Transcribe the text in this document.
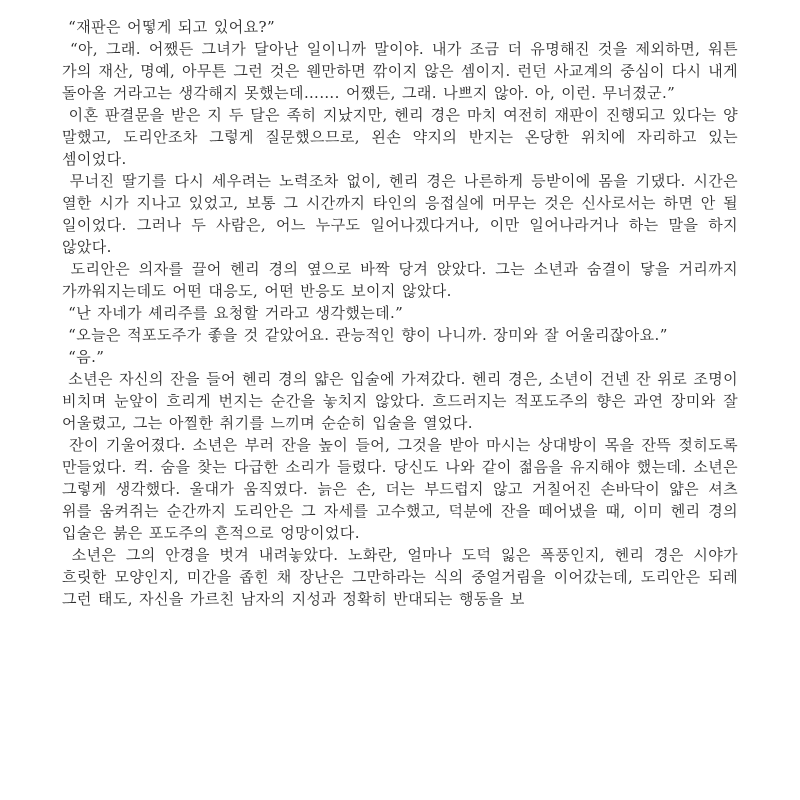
“재판은 어떻게 되고 있어요?”

“아, 그래. 어쨌든 그녀가 달아난 일이니까 말이야. 내가 조금 더 유명해진 것을 제외하면, 워튼 가의 재산, 명예, 아무튼 그런 것은 웬만하면 깎이지 않은 셈이지. 런던 사교계의 중심이 다시 내게 돌아올 거라고는 생각해지 못했는데……. 어쨌든, 그래. 나쁘지 않아. 아, 이런. 무너졌군.”

이혼 판결문을 받은 지 두 달은 족히 지났지만, 헨리 경은 마치 여전히 재판이 진행되고 있다는 양 말했고, 도리안조차 그렇게 질문했으므로, 왼손 약지의 반지는 온당한 위치에 자리하고 있는 셈이었다.

무너진 딸기를 다시 세우려는 노력조차 없이, 헨리 경은 나른하게 등받이에 몸을 기댔다. 시간은 열한 시가 지나고 있었고, 보통 그 시간까지 타인의 응접실에 머무는 것은 신사로서는 하면 안 될 일이었다. 그러나 두 사람은, 어느 누구도 일어나겠다거나, 이만 일어나라거나 하는 말을 하지 않았다.

도리안은 의자를 끌어 헨리 경의 옆으로 바짝 당겨 앉았다. 그는 소년과 숨결이 닿을 거리까지 가까워지는데도 어떤 대응도, 어떤 반응도 보이지 않았다.

“난 자네가 셰리주를 요청할 거라고 생각했는데.”

“오늘은 적포도주가 좋을 것 같았어요. 관능적인 향이 나니까. 장미와 잘 어울리잖아요.”

“음.”

소년은 자신의 잔을 들어 헨리 경의 얇은 입술에 가져갔다. 헨리 경은, 소년이 건넨 잔 위로 조명이 비치며 눈앞이 흐리게 번지는 순간을 놓치지 않았다. 흐드러지는 적포도주의 향은 과연 장미와 잘 어울렸고, 그는 아찔한 취기를 느끼며 순순히 입술을 열었다.

잔이 기울어졌다. 소년은 부러 잔을 높이 들어, 그것을 받아 마시는 상대방이 목을 잔뜩 젖히도록 만들었다. 컥. 숨을 찾는 다급한 소리가 들렸다. 당신도 나와 같이 젊음을 유지해야 했는데. 소년은 그렇게 생각했다. 울대가 움직였다. 늙은 손, 더는 부드럽지 않고 거칠어진 손바닥이 얇은 셔츠 위를 움켜쥐는 순간까지 도리안은 그 자세를 고수했고, 덕분에 잔을 떼어냈을 때, 이미 헨리 경의 입술은 붉은 포도주의 흔적으로 엉망이었다.

소년은 그의 안경을 벗겨 내려놓았다. 노화란, 얼마나 도덕 잃은 폭풍인지, 헨리 경은 시야가 흐릿한 모양인지, 미간을 좁힌 채 장난은 그만하라는 식의 중얼거림을 이어갔는데, 도리안은 되레 그런 태도, 자신을 가르친 남자의 지성과 정확히 반대되는 행동을 보
